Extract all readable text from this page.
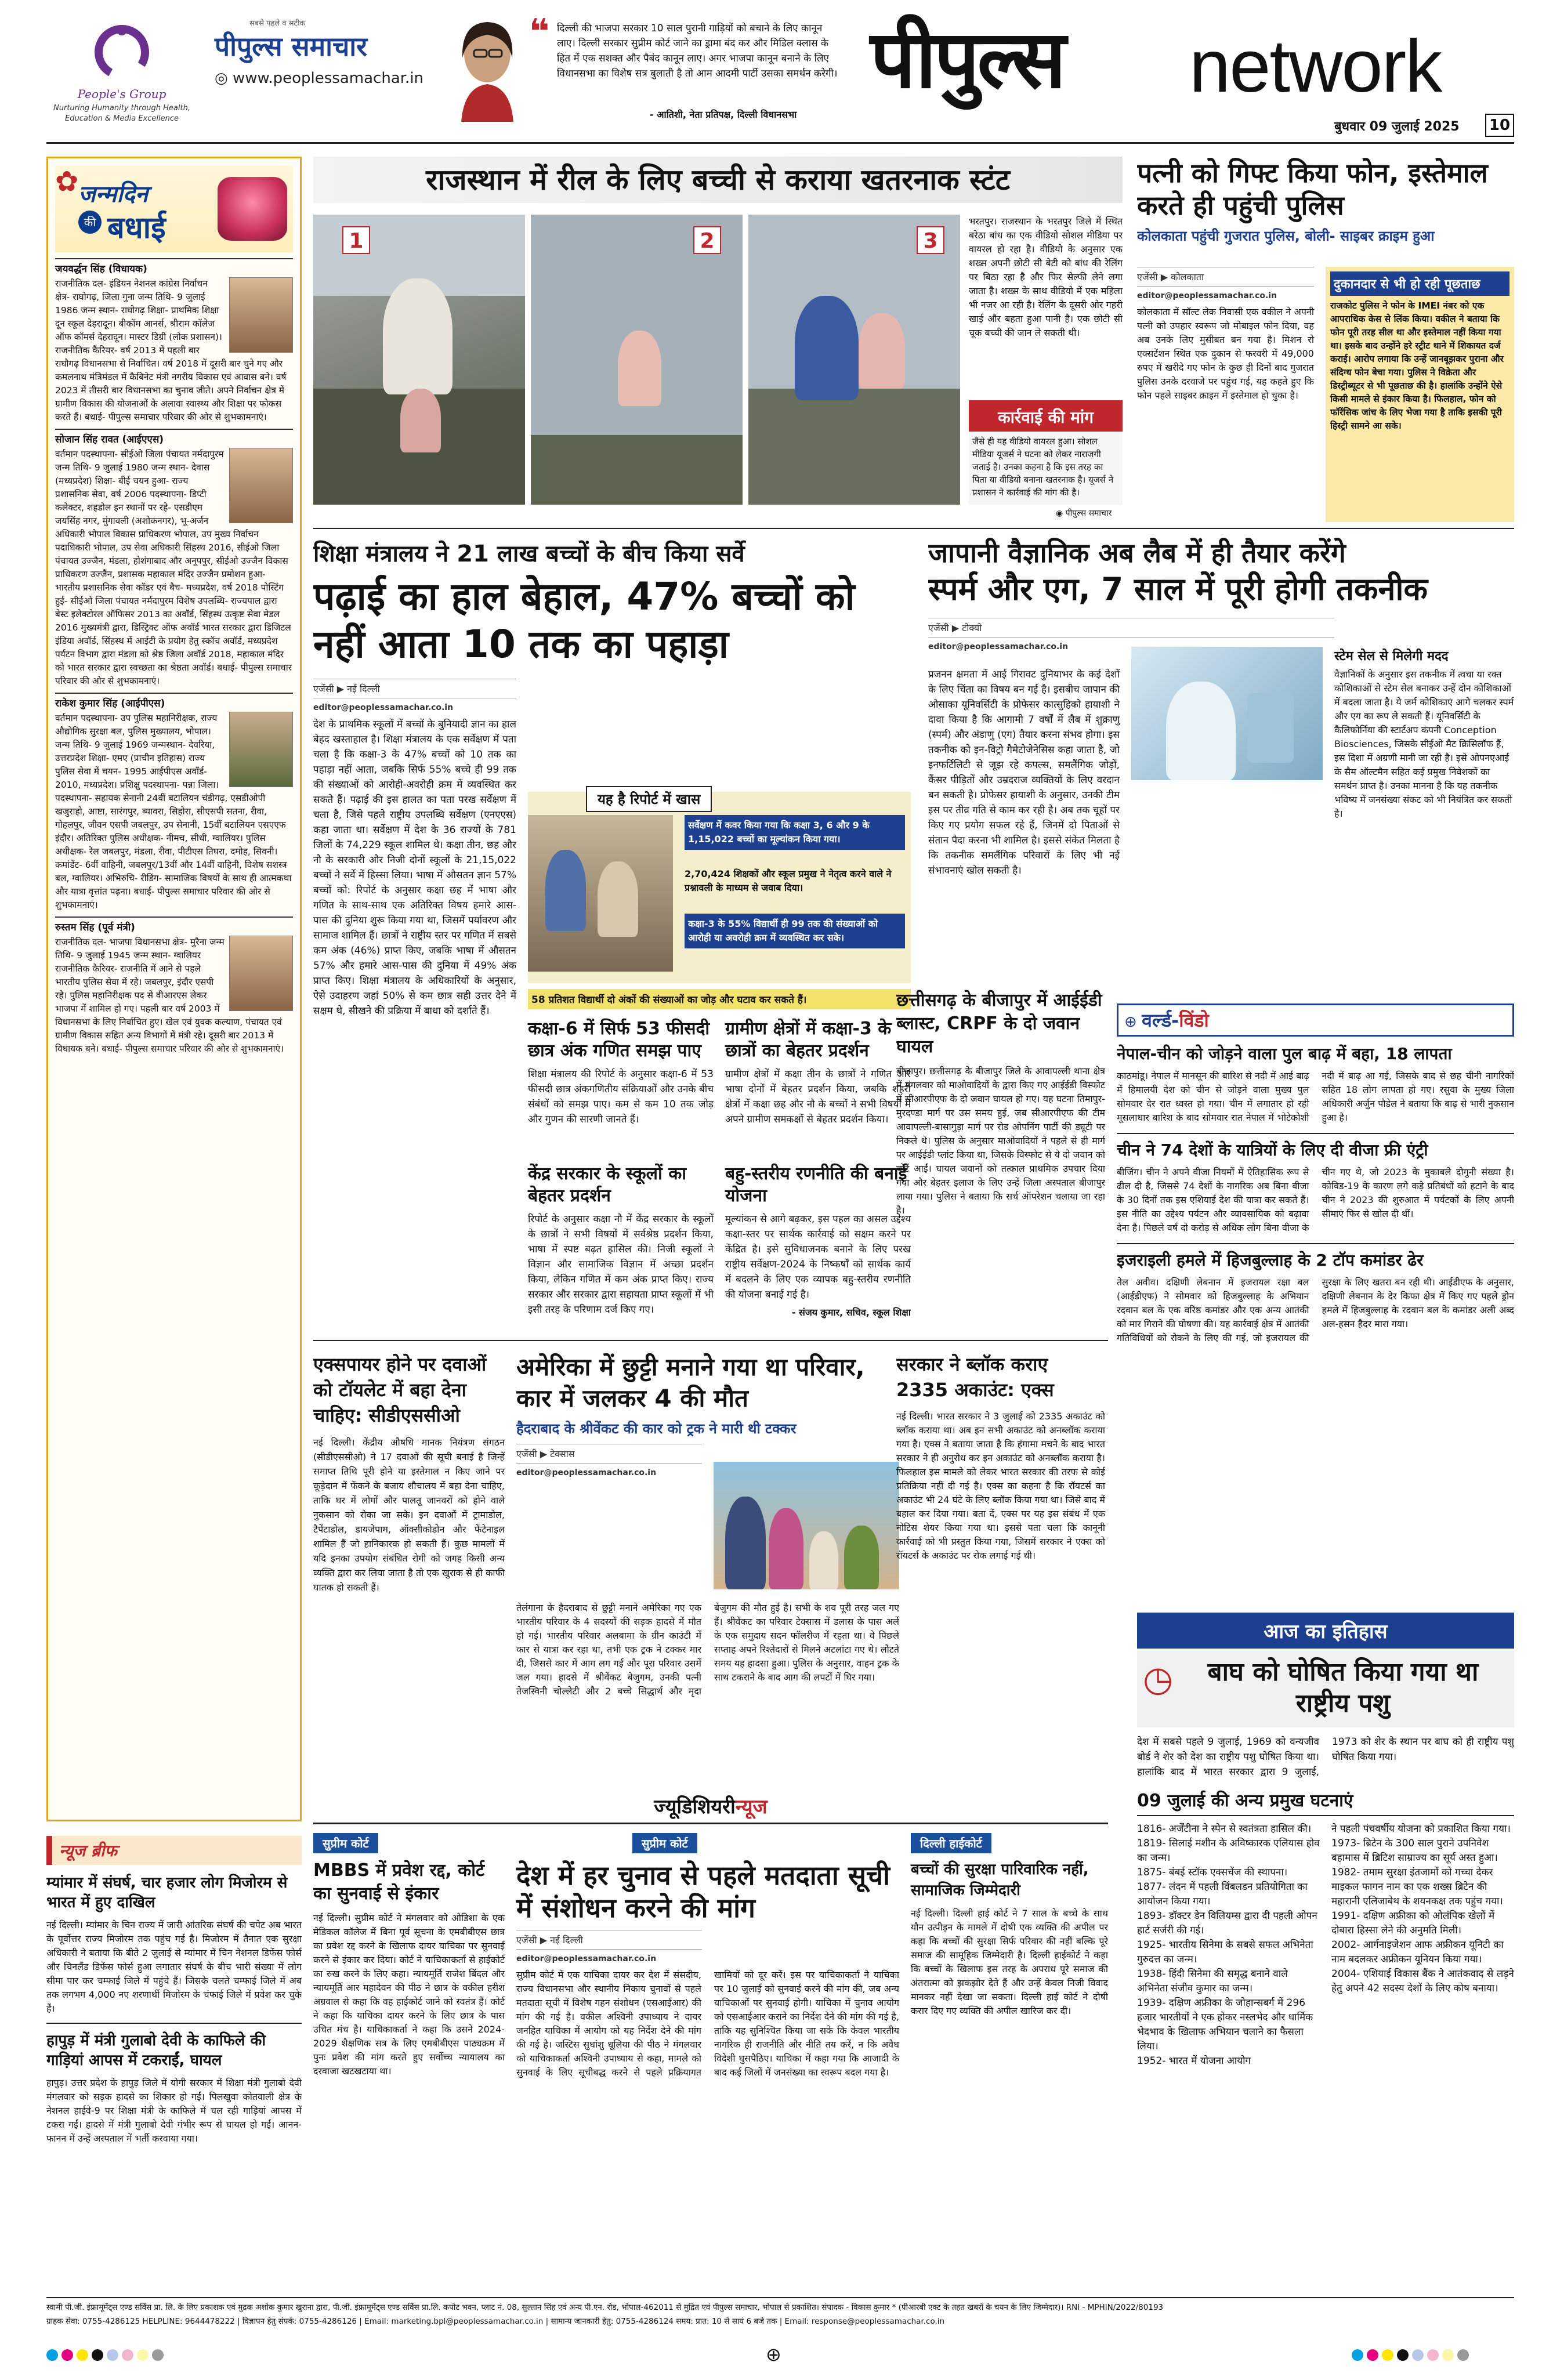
People's Group
Nurturing Humanity through Health, Education & Media Excellence
सबसे पहले व सटीक
पीपुल्स समाचार
◎ www.peoplessamachar.in
❝ दिल्ली की भाजपा सरकार 10 साल पुरानी गाड़ियों को बचाने के लिए कानून लाए। दिल्ली सरकार सुप्रीम कोर्ट जाने का ड्रामा बंद कर और मिडिल क्लास के हित में एक सशक्त और पैबंद कानून लाए। अगर भाजपा कानून बनाने के लिए विधानसभा का विशेष सत्र बुलाती है तो आम आदमी पार्टी उसका समर्थन करेगी।
- आतिशी, नेता प्रतिपक्ष, दिल्ली विधानसभा
पीपुल्स network
बुधवार 09 जुलाई 2025 10
✿ जन्मदिन
की बधाई
जयवर्द्धन सिंह (विधायक)
राजनीतिक दल- इंडियन नेशनल कांग्रेस निर्वाचन क्षेत्र- राघोगढ़, जिला गुना जन्म तिथि- 9 जुलाई 1986 जन्म स्थान- राघोगढ़ शिक्षा- प्राथमिक शिक्षा दून स्कूल देहरादून। बीकॉम आनर्स, श्रीराम कॉलेज ऑफ कॉमर्स देहरादून। मास्टर डिग्री (लोक प्रशासन)। राजनीतिक कैरियर- वर्ष 2013 में पहली बार राघौगढ़ विधानसभा से निर्वाचित। वर्ष 2018 में दूसरी बार चुने गए और कमलनाथ मंत्रिमंडल में कैबिनेट मंत्री नगरीय विकास एवं आवास बने। वर्ष 2023 में तीसरी बार विधानसभा का चुनाव जीते। अपने निर्वाचन क्षेत्र में ग्रामीण विकास की योजनाओं के अलावा स्वास्थ्य और शिक्षा पर फोकस करते हैं। बधाई- पीपुल्स समाचार परिवार की ओर से शुभकामनाएं।
सोजान सिंह रावत (आईएएस)
वर्तमान पदस्थापना- सीईओ जिला पंचायत नर्मदापुरम जन्म तिथि- 9 जुलाई 1980 जन्म स्थान- देवास (मध्यप्रदेश) शिक्षा- बीई चयन हुआ- राज्य प्रशासनिक सेवा, वर्ष 2006 पदस्थापना- डिप्टी कलेक्टर, शहडोल इन स्थानों पर रहे- एसडीएम जयसिंह नगर, मुंगावली (अशोकनगर), भू-अर्जन अधिकारी भोपाल विकास प्राधिकरण भोपाल, उप मुख्य निर्वाचन पदाधिकारी भोपाल, उप सेवा अधिकारी सिंहस्थ 2016, सीईओ जिला पंचायत उज्जैन, मंडला, होशंगाबाद और अनूपपुर, सीईओ उज्जैन विकास प्राधिकरण उज्जैन, प्रशासक महाकाल मंदिर उज्जैन प्रमोशन हुआ- भारतीय प्रशासनिक सेवा कॉडर एवं बैच- मध्यप्रदेश, वर्ष 2018 पोस्टिंग हुई- सीईओ जिला पंचायत नर्मदापुरम विशेष उपलब्धि- राज्यपाल द्वारा बेस्ट इलेक्टोरल ऑफिसर 2013 का अवॉर्ड, सिंहस्थ उत्कृष्ट सेवा मेडल 2016 मुख्यमंत्री द्वारा, डिस्ट्रिक्ट ऑफ अवॉर्ड भारत सरकार द्वारा डिजिटल इंडिया अवॉर्ड, सिंहस्थ में आईटी के प्रयोग हेतु स्कॉच अवॉर्ड, मध्यप्रदेश पर्यटन विभाग द्वारा मंडला को श्रेष्ठ जिला अवॉर्ड 2018, महाकाल मंदिर को भारत सरकार द्वारा स्वच्छता का श्रेष्ठता अवॉर्ड। बधाई- पीपुल्स समाचार परिवार की ओर से शुभकामनाएं।
राकेश कुमार सिंह (आईपीएस)
वर्तमान पदस्थापना- उप पुलिस महानिरीक्षक, राज्य औद्योगिक सुरक्षा बल, पुलिस मुख्यालय, भोपाल। जन्म तिथि- 9 जुलाई 1969 जन्मस्थान- देवरिया, उत्तरप्रदेश शिक्षा- एमए (प्राचीन इतिहास) राज्य पुलिस सेवा में चयन- 1995 आईपीएस अवॉर्ड- 2010, मध्यप्रदेश। प्रशिक्षु पदस्थापना- पन्ना जिला। पदस्थापना- सहायक सेनानी 24वीं बटालियन चंडीगढ़, एसडीओपी खजुराहो, आष्टा, सारंगपुर, ब्यावरा, सिहोरा, सीएसपी सतना, रीवा, गोहलपुर, जीवन एसपी जबलपुर, उप सेनानी, 15वीं बटालियन एसएएफ इंदौर। अतिरिक्त पुलिस अधीक्षक- नीमच, सीधी, ग्वालियर। पुलिस अधीक्षक- रेल जबलपुर, मंडला, रीवा, पीटीएस तिघरा, दमोह, सिवनी। कमांडेंट- 6वीं वाहिनी, जबलपुर/13वीं और 14वीं वाहिनी, विशेष सशस्त्र बल, ग्वालियर। अभिरुचि- रीडिंग- सामाजिक विषयों के साथ ही आत्मकथा और यात्रा वृत्तांत पढ़ना। बधाई- पीपुल्स समाचार परिवार की ओर से शुभकामनाएं।
रुस्तम सिंह (पूर्व मंत्री)
राजनीतिक दल- भाजपा विधानसभा क्षेत्र- मुरैना जन्म तिथि- 9 जुलाई 1945 जन्म स्थान- ग्वालियर राजनीतिक कैरियर- राजनीति में आने से पहले भारतीय पुलिस सेवा में रहे। जबलपुर, इंदौर एसपी रहे। पुलिस महानिरीक्षक पद से वीआरएस लेकर भाजपा में शामिल हो गए। पहली बार वर्ष 2003 में विधानसभा के लिए निर्वाचित हुए। खेल एवं युवक कल्याण, पंचायत एवं ग्रामीण विकास सहित अन्य विभागों में मंत्री रहे। दूसरी बार 2013 में विधायक बने। बधाई- पीपुल्स समाचार परिवार की ओर से शुभकामनाएं।
न्यूज ब्रीफ
म्यांमार में संघर्ष, चार हजार लोग मिजोरम से भारत में हुए दाखिल
नई दिल्ली। म्यांमार के चिन राज्य में जारी आंतरिक संघर्ष की चपेट अब भारत के पूर्वोत्तर राज्य मिजोरम तक पहुंच गई है। मिजोरम में तैनात एक सुरक्षा अधिकारी ने बताया कि बीते 2 जुलाई से म्यांमार में चिन नेशनल डिफेंस फोर्स और चिनलैंड डिफेंस फोर्स हुआ लगातार संघर्ष के बीच भारी संख्या में लोग सीमा पार कर चम्फाई जिले में पहुंचे हैं। जिसके चलते चम्फाई जिले में अब तक लगभग 4,000 नए शरणार्थी मिजोरम के चंफाई जिले में प्रवेश कर चुके हैं।
हापुड़ में मंत्री गुलाबो देवी के काफिले की गाड़ियां आपस में टकराईं, घायल
हापुड़। उत्तर प्रदेश के हापुड़ जिले में योगी सरकार में शिक्षा मंत्री गुलाबो देवी मंगलवार को सड़क हादसे का शिकार हो गईं। पिलखुवा कोतवाली क्षेत्र के नेशनल हाईवे-9 पर शिक्षा मंत्री के काफिले में चल रही गाड़ियां आपस में टकरा गईं। हादसे में मंत्री गुलाबो देवी गंभीर रूप से घायल हो गईं। आनन-फानन में उन्हें अस्पताल में भर्ती करवाया गया।
राजस्थान में रील के लिए बच्ची से कराया खतरनाक स्टंट
1	2	3
भरतपुर। राजस्थान के भरतपुर जिले में स्थित बरेठा बांध का एक वीडियो सोशल मीडिया पर वायरल हो रहा है। वीडियो के अनुसार एक शख्स अपनी छोटी सी बेटी को बांध की रेलिंग पर बिठा रहा है और फिर सेल्फी लेने लगा जाता है। शख्स के साथ वीडियो में एक महिला भी नजर आ रही है। रेलिंग के दूसरी ओर गहरी खाई और बहता हुआ पानी है। एक छोटी सी चूक बच्ची की जान ले सकती थी।
कार्रवाई की मांग
जैसे ही यह वीडियो वायरल हुआ। सोशल मीडिया यूजर्स ने घटना को लेकर नाराजगी जताई है। उनका कहना है कि इस तरह का पिता या वीडियो बनाना खतरनाक है। यूजर्स ने प्रशासन ने कार्रवाई की मांग की है।
◉ पीपुल्स समाचार
पत्नी को गिफ्ट किया फोन, इस्तेमाल करते ही पहुंची पुलिस
कोलकाता पहुंची गुजरात पुलिस, बोली- साइबर क्राइम हुआ
एजेंसी ▶ कोलकाता
editor@peoplessamachar.co.in
कोलकाता में सॉल्ट लेक निवासी एक वकील ने अपनी पत्नी को उपहार स्वरूप जो मोबाइल फोन दिया, वह अब उनके लिए मुसीबत बन गया है। मिशन रो एक्सटेंशन स्थित एक दुकान से फरवरी में 49,000 रुपए में खरीदे गए फोन के कुछ ही दिनों बाद गुजरात पुलिस उनके दरवाजे पर पहुंच गई, यह कहते हुए कि फोन पहले साइबर क्राइम में इस्तेमाल हो चुका है।
दुकानदार से भी हो रही पूछताछ
राजकोट पुलिस ने फोन के IMEI नंबर को एक आपराधिक केस से लिंक किया। वकील ने बताया कि फोन पूरी तरह सील था और इस्तेमाल नहीं किया गया था। इसके बाद उन्होंने हरे स्ट्रीट थाने में शिकायत दर्ज कराई। आरोप लगाया कि उन्हें जानबूझकर पुराना और संदिग्ध फोन बेचा गया। पुलिस ने विक्रेता और डिस्ट्रीब्यूटर से भी पूछताछ की है। हालांकि उन्होंने ऐसे किसी मामले से इंकार किया है। फिलहाल, फोन को फॉरेंसिक जांच के लिए भेजा गया है ताकि इसकी पूरी हिस्ट्री सामने आ सके।
शिक्षा मंत्रालय ने 21 लाख बच्चों के बीच किया सर्वे
पढ़ाई का हाल बेहाल, 47% बच्चों को नहीं आता 10 तक का पहाड़ा
एजेंसी ▶ नई दिल्ली
editor@peoplessamachar.co.in
देश के प्राथमिक स्कूलों में बच्चों के बुनियादी ज्ञान का हाल बेहद खस्ताहाल है। शिक्षा मंत्रालय के एक सर्वेक्षण में पता चला है कि कक्षा-3 के 47% बच्चों को 10 तक का पहाड़ा नहीं आता, जबकि सिर्फ 55% बच्चे ही 99 तक की संख्याओं को आरोही-अवरोही क्रम में व्यवस्थित कर सकते हैं। पढ़ाई की इस हालत का पता परख सर्वेक्षण में चला है, जिसे पहले राष्ट्रीय उपलब्धि सर्वेक्षण (एनएएस) कहा जाता था। सर्वेक्षण में देश के 36 राज्यों के 781 जिलों के 74,229 स्कूल शामिल थे। कक्षा तीन, छह और नौ के सरकारी और निजी दोनों स्कूलों के 21,15,022 बच्चों ने सर्वे में हिस्सा लिया। भाषा में औसतन ज्ञान 57% बच्चों को: रिपोर्ट के अनुसार कक्षा छह में भाषा और गणित के साथ-साथ एक अतिरिक्त विषय हमारे आस-पास की दुनिया शुरू किया गया था, जिसमें पर्यावरण और सामाज शामिल हैं। छात्रों ने राष्ट्रीय स्तर पर गणित में सबसे कम अंक (46%) प्राप्त किए, जबकि भाषा में औसतन 57% और हमारे आस-पास की दुनिया में 49% अंक प्राप्त किए। शिक्षा मंत्रालय के अधिकारियों के अनुसार, ऐसे उदाहरण जहां 50% से कम छात्र सही उत्तर देने में सक्षम थे, सीखने की प्रक्रिया में बाधा को दर्शाते हैं।
यह है रिपोर्ट में खास
सर्वेक्षण में कवर किया गया कि कक्षा 3, 6 और 9 के 1,15,022 बच्चों का मूल्यांकन किया गया।
2,70,424 शिक्षकों और स्कूल प्रमुख ने नेतृत्व करने वाले ने प्रश्नावली के माध्यम से जवाब दिया।
कक्षा-3 के 55% विद्यार्थी ही 99 तक की संख्याओं को आरोही या अवरोही क्रम में व्यवस्थित कर सके।
58 प्रतिशत विद्यार्थी दो अंकों की संख्याओं का जोड़ और घटाव कर सकते हैं।
कक्षा-6 में सिर्फ 53 फीसदी छात्र अंक गणित समझ पाए
शिक्षा मंत्रालय की रिपोर्ट के अनुसार कक्षा-6 में 53 फीसदी छात्र अंकगणितीय संक्रियाओं और उनके बीच संबंधों को समझ पाए। कम से कम 10 तक जोड़ और गुणन की सारणी जानते हैं।
ग्रामीण क्षेत्रों में कक्षा-3 के छात्रों का बेहतर प्रदर्शन
ग्रामीण क्षेत्रों में कक्षा तीन के छात्रों ने गणित और भाषा दोनों में बेहतर प्रदर्शन किया, जबकि शहरी क्षेत्रों में कक्षा छह और नौ के बच्चों ने सभी विषयों में अपने ग्रामीण समकक्षों से बेहतर प्रदर्शन किया।
केंद्र सरकार के स्कूलों का बेहतर प्रदर्शन
रिपोर्ट के अनुसार कक्षा नौ में केंद्र सरकार के स्कूलों के छात्रों ने सभी विषयों में सर्वश्रेष्ठ प्रदर्शन किया, भाषा में स्पष्ट बढ़त हासिल की। निजी स्कूलों ने विज्ञान और सामाजिक विज्ञान में अच्छा प्रदर्शन किया, लेकिन गणित में कम अंक प्राप्त किए। राज्य सरकार और सरकार द्वारा सहायता प्राप्त स्कूलों में भी इसी तरह के परिणाम दर्ज किए गए।
बहु-स्तरीय रणनीति की बनाई योजना
मूल्यांकन से आगे बढ़कर, इस पहल का असल उद्देश्य कक्षा-स्तर पर सार्थक कार्रवाई को सक्षम करने पर केंद्रित है। इसे सुविधाजनक बनाने के लिए परख राष्ट्रीय सर्वेक्षण-2024 के निष्कर्षों को सार्थक कार्य में बदलने के लिए एक व्यापक बहु-स्तरीय रणनीति की योजना बनाई गई है।
- संजय कुमार, सचिव, स्कूल शिक्षा
जापानी वैज्ञानिक अब लैब में ही तैयार करेंगे
स्पर्म और एग, 7 साल में पूरी होगी तकनीक
एजेंसी ▶ टोक्यो
editor@peoplessamachar.co.in
प्रजनन क्षमता में आई गिरावट दुनियाभर के कई देशों के लिए चिंता का विषय बन गई है। इसबीच जापान की ओसाका यूनिवर्सिटी के प्रोफेसर कात्सुहिको हायाशी ने दावा किया है कि आगामी 7 वर्षों में लैब में शुक्राणु (स्पर्म) और अंडाणु (एग) तैयार करना संभव होगा। इस तकनीक को इन-विट्रो गैमेटोजेनेसिस कहा जाता है, जो इनफर्टिलिटी से जूझ रहे कपल्स, समलैंगिक जोड़ों, कैंसर पीड़ितों और उम्रदराज व्यक्तियों के लिए वरदान बन सकती है। प्रोफेसर हायाशी के अनुसार, उनकी टीम इस पर तीव्र गति से काम कर रही है। अब तक चूहों पर किए गए प्रयोग सफल रहे हैं, जिनमें दो पिताओं से संतान पैदा करना भी शामिल है। इससे संकेत मिलता है कि तकनीक समलैंगिक परिवारों के लिए भी नई संभावनाएं खोल सकती है।
स्टेम सेल से मिलेगी मदद
वैज्ञानिकों के अनुसार इस तकनीक में त्वचा या रक्त कोशिकाओं से स्टेम सेल बनाकर उन्हें दोन कोशिकाओं में बदला जाता है। ये जर्म कोशिकाएं आगे चलकर स्पर्म और एग का रूप ले सकती हैं। यूनिवर्सिटी के कैलिफोर्निया की स्टार्टअप कंपनी Conception Biosciences, जिसके सीईओ मैट क्रिसिलॉफ हैं, इस दिशा में अग्रणी मानी जा रही है। इसे ओपनएआई के सैम ऑल्टमैन सहित कई प्रमुख निवेशकों का समर्थन प्राप्त है। उनका मानना है कि यह तकनीक भविष्य में जनसंख्या संकट को भी नियंत्रित कर सकती है।
छत्तीसगढ़ के बीजापुर में आईईडी ब्लास्ट, CRPF के दो जवान घायल
बीजापुर। छत्तीसगढ़ के बीजापुर जिले के आवापल्ली थाना क्षेत्र में मंगलवार को माओवादियों के द्वारा किए गए आईईडी विस्फोट में सीआरपीएफ के दो जवान घायल हो गए। यह घटना तिमापुर-मुरदण्डा मार्ग पर उस समय हुई, जब सीआरपीएफ की टीम आवापल्ली-बासागुड़ा मार्ग पर रोड ओपनिंग पार्टी की ड्यूटी पर निकले थे। पुलिस के अनुसार माओवादियों ने पहले से ही मार्ग पर आईईडी प्लांट किया था, जिसके विस्फोट से ये दो जवान को चोटें आईं। घायल जवानों को तत्काल प्राथमिक उपचार दिया गया और बेहतर इलाज के लिए उन्हें जिला अस्पताल बीजापुर लाया गया। पुलिस ने बताया कि सर्च ऑपरेशन चलाया जा रहा है।
⊕ वर्ल्ड-विंडो
नेपाल-चीन को जोड़ने वाला पुल बाढ़ में बहा, 18 लापता
काठमांडू। नेपाल में मानसून की बारिश से नदी में आई बाढ़ में हिमालयी देश को चीन से जोड़ने वाला मुख्य पुल सोमवार देर रात ध्वस्त हो गया। चीन में लगातार हो रही मूसलाधार बारिश के बाद सोमवार रात नेपाल में भोटेकोशी नदी में बाढ़ आ गई, जिसके बाद से छह चीनी नागरिकों सहित 18 लोग लापता हो गए। रसुवा के मुख्य जिला अधिकारी अर्जुन पौडेल ने बताया कि बाढ़ से भारी नुकसान हुआ है।
चीन ने 74 देशों के यात्रियों के लिए दी वीजा फ्री एंट्री
बीजिंग। चीन ने अपने वीजा नियमों में ऐतिहासिक रूप से ढील दी है, जिससे 74 देशों के नागरिक अब बिना वीजा के 30 दिनों तक इस एशियाई देश की यात्रा कर सकते हैं। इस नीति का उद्देश्य पर्यटन और व्यावसायिक को बढ़ावा देना है। पिछले वर्ष दो करोड़ से अधिक लोग बिना वीजा के चीन गए थे, जो 2023 के मुकाबले दोगुनी संख्या है। कोविड-19 के कारण लगे कड़े प्रतिबंधों को हटाने के बाद चीन ने 2023 की शुरुआत में पर्यटकों के लिए अपनी सीमाएं फिर से खोल दी थीं।
इजराइली हमले में हिजबुल्लाह के 2 टॉप कमांडर ढेर
तेल अवीव। दक्षिणी लेबनान में इजरायल रक्षा बल (आईडीएफ) ने सोमवार को हिजबुल्लाह के अभियान रदवान बल के एक वरिष्ठ कमांडर और एक अन्य आतंकी को मार गिराने की घोषणा की। यह कार्रवाई क्षेत्र में आतंकी गतिविधियों को रोकने के लिए की गई, जो इजरायल की सुरक्षा के लिए खतरा बन रही थी। आईडीएफ के अनुसार, दक्षिणी लेबनान के देर किफा क्षेत्र में किए गए पहले ड्रोन हमले में हिजबुल्लाह के रदवान बल के कमांडर अली अब्द अल-हसन हैदर मारा गया।
एक्सपायर होने पर दवाओं को टॉयलेट में बहा देना चाहिए: सीडीएससीओ
नई दिल्ली। केंद्रीय औषधि मानक नियंत्रण संगठन (सीडीएससीओ) ने 17 दवाओं की सूची बनाई है जिन्हें समाप्त तिथि पूरी होने या इस्तेमाल न किए जाने पर कूड़ेदान में फेंकने के बजाय शौचालय में बहा देना चाहिए, ताकि घर में लोगों और पालतू जानवरों को होने वाले नुकसान को रोका जा सके। इन दवाओं में ट्रामाडोल, टैपेंटाडोल, डायजेपाम, ऑक्सीकोडोन और फेंटेनाइल शामिल हैं जो हानिकारक हो सकती हैं। कुछ मामलों में यदि इनका उपयोग संबंधित रोगी को जगह किसी अन्य व्यक्ति द्वारा कर लिया जाता है तो एक खुराक से ही काफी घातक हो सकती हैं।
अमेरिका में छुट्टी मनाने गया था परिवार, कार में जलकर 4 की मौत
हैदराबाद के श्रीवेंकट की कार को ट्रक ने मारी थी टक्कर
एजेंसी ▶ टेक्सास
editor@peoplessamachar.co.in
तेलंगाना के हैदराबाद से छुट्टी मनाने अमेरिका गए एक भारतीय परिवार के 4 सदस्यों की सड़क हादसे में मौत हो गई। भारतीय परिवार अलबामा के ग्रीन काउंटी में कार से यात्रा कर रहा था, तभी एक ट्रक ने टक्कर मार दी, जिससे कार में आग लग गई और पूरा परिवार उसमें जल गया। हादसे में श्रीवेंकट बेजुगम, उनकी पत्नी तेजस्विनी चोल्लेटी और 2 बच्चे सिद्धार्थ और मृदा बेजुगम की मौत हुई है। सभी के शव पूरी तरह जल गए हैं। श्रीवेंकट का परिवार टेक्सास में डलास के पास अर्ले के एक समुदाय सदन फॉलरीज में रहता था। वे पिछले सप्ताह अपने रिश्तेदारों से मिलने अटलांटा गए थे। लौटते समय यह हादसा हुआ। पुलिस के अनुसार, वाहन ट्रक के साथ टकराने के बाद आग की लपटों में घिर गया।
सरकार ने ब्लॉक कराए 2335 अकाउंट: एक्स
नई दिल्ली। भारत सरकार ने 3 जुलाई को 2335 अकाउंट को ब्लॉक कराया था। अब इन सभी अकाउंट को अनब्लॉक कराया गया है। एक्स ने बताया जाता है कि हंगामा मचने के बाद भारत सरकार ने ही अनुरोध कर इन अकाउंट को अनब्लॉक कराया है। फिलहाल इस मामले को लेकर भारत सरकार की तरफ से कोई प्रतिक्रिया नहीं दी गई है। एक्स का कहना है कि रॉयटर्स का अकाउंट भी 24 घंटे के लिए ब्लॉक किया गया था। जिसे बाद में बहाल कर दिया गया। बता दें, एक्स पर यह इस संबंध में एक नोटिस शेयर किया गया था। इससे पता चला कि कानूनी कार्रवाई को भी प्रस्तुत किया गया, जिसमें सरकार ने एक्स को रॉयटर्स के अकाउंट पर रोक लगाई गई थी।
आज का इतिहास
◷	बाघ को घोषित किया गया था राष्ट्रीय पशु
देश में सबसे पहले 9 जुलाई, 1969 को वन्यजीव बोर्ड ने शेर को देश का राष्ट्रीय पशु घोषित किया था। हालांकि बाद में भारत सरकार द्वारा 9 जुलाई, 1973 को शेर के स्थान पर बाघ को ही राष्ट्रीय पशु घोषित किया गया।
09 जुलाई की अन्य प्रमुख घटनाएं
1816- अर्जेंटीना ने स्पेन से स्वतंत्रता हासिल की।
1819- सिलाई मशीन के अविष्कारक एलियास होव का जन्म।
1875- बंबई स्टॉक एक्सचेंज की स्थापना।
1877- लंदन में पहली विंबलडन प्रतियोगिता का आयोजन किया गया।
1893- डॉक्टर डेन विलियम्स द्वारा दी पहली ओपन हार्ट सर्जरी की गई।
1925- भारतीय सिनेमा के सबसे सफल अभिनेता गुरुदत्त का जन्म।
1938- हिंदी सिनेमा की समृद्ध बनाने वाले अभिनेता संजीव कुमार का जन्म।
1939- दक्षिण अफ्रीका के जोहान्सबर्ग में 296 हजार भारतीयों ने एक होकर नस्लभेद और धार्मिक भेदभाव के खिलाफ अभियान चलाने का फैसला लिया।
1952- भारत में योजना आयोग
ने पहली पंचवर्षीय योजना को प्रकाशित किया गया।
1973- ब्रिटेन के 300 साल पुराने उपनिवेश बहामास में ब्रिटिश साम्राज्य का सूर्य अस्त हुआ।
1982- तमाम सुरक्षा इंतजामों को गच्चा देकर माइकल फागन नाम का एक शख्स ब्रिटेन की महारानी एलिजाबेथ के शयनकक्ष तक पहुंच गया।
1991- दक्षिण अफ्रीका को ओलंपिक खेलों में दोबारा हिस्सा लेने की अनुमति मिली।
2002- आर्गनाइजेशन आफ अफ्रीकन यूनिटी का नाम बदलकर अफ्रीकन यूनियन किया गया।
2004- एशियाई विकास बैंक ने आतंकवाद से लड़ने हेतु अपने 42 सदस्य देशों के लिए कोष बनाया।
ज्यूडिशियरीन्यूज
सुप्रीम कोर्ट
MBBS में प्रवेश रद्द, कोर्ट का सुनवाई से इंकार
नई दिल्ली। सुप्रीम कोर्ट ने मंगलवार को ओडिशा के एक मेडिकल कॉलेज में बिना पूर्व सूचना के एमबीबीएस छात्र का प्रवेश रद्द करने के खिलाफ दायर याचिका पर सुनवाई करने से इंकार कर दिया। कोर्ट ने याचिकाकर्ता से हाईकोर्ट का रुख करने के लिए कहा। न्यायमूर्ति राजेश बिंदल और न्यायमूर्ति आर महादेवन की पीठ ने छात्र के वकील हरीश अग्रवाल से कहा कि वह हाईकोर्ट जाने को स्वतंत्र हैं। कोर्ट ने कहा कि याचिका दायर करने के लिए छात्र के पास उचित मंच है। याचिकाकर्ता ने कहा कि उसने 2024-2029 शैक्षणिक सत्र के लिए एमबीबीएस पाठ्यक्रम में पुनः प्रवेश की मांग करते हुए सर्वोच्च न्यायालय का दरवाजा खटखटाया था।
सुप्रीम कोर्ट
देश में हर चुनाव से पहले मतदाता सूची में संशोधन करने की मांग
एजेंसी ▶ नई दिल्ली
editor@peoplessamachar.co.in
सुप्रीम कोर्ट में एक याचिका दायर कर देश में संसदीय, राज्य विधानसभा और स्थानीय निकाय चुनावों से पहले मतदाता सूची में विशेष गहन संशोधन (एसआईआर) की मांग की गई है। वकील अश्विनी उपाध्याय ने दायर जनहित याचिका में आयोग को यह निर्देश देने की मांग की गई है। जस्टिस सुधांशु धूलिया की पीठ ने मंगलवार को याचिकाकर्ता अश्विनी उपाध्याय से कहा, मामले को सुनवाई के लिए सूचीबद्ध करने से पहले प्रक्रियागत खामियों को दूर करें। इस पर याचिकाकर्ता ने याचिका पर 10 जुलाई को सुनवाई करने की मांग की, जब अन्य याचिकाओं पर सुनवाई होगी। याचिका में चुनाव आयोग को एसआईआर कराने का निर्देश देने की मांग की गई है, ताकि यह सुनिश्चित किया जा सके कि केवल भारतीय नागरिक ही राजनीति और नीति तय करें, न कि अवैध विदेशी घुसपैठिए। याचिका में कहा गया कि आजादी के बाद कई जिलों में जनसंख्या का स्वरूप बदल गया है।
दिल्ली हाईकोर्ट
बच्चों की सुरक्षा पारिवारिक नहीं, सामाजिक जिम्मेदारी
नई दिल्ली। दिल्ली हाई कोर्ट ने 7 साल के बच्चे के साथ यौन उत्पीड़न के मामले में दोषी एक व्यक्ति की अपील पर कहा कि बच्चों की सुरक्षा सिर्फ परिवार की नहीं बल्कि पूरे समाज की सामूहिक जिम्मेदारी है। दिल्ली हाईकोर्ट ने कहा कि बच्चों के खिलाफ इस तरह के अपराध पूरे समाज की अंतरात्मा को झकझोर देते हैं और उन्हें केवल निजी विवाद मानकर नहीं देखा जा सकता। दिल्ली हाई कोर्ट ने दोषी करार दिए गए व्यक्ति की अपील खारिज कर दी।
स्वामी पी.जी. इंफ्रामूमेंट्स एण्ड सर्विस प्रा. लि. के लिए प्रकाशक एवं मुद्रक अशोक कुमार खुराना द्वारा, पी.जी. इंफ्रामूमेंट्स एण्ड सर्विस प्रा.लि. कपोट भवन, प्लाट नं. 08, सुल्तान सिंह एवं अन्य पी.एन. रोड, भोपाल-462011 से मुद्रित एवं पीपुल्स समाचार, भोपाल से प्रकाशित। संपादक - विकास कुमार * (पीआरबी एक्ट के तहत खबरों के चयन के लिए जिम्मेदार)। RNI - MPHIN/2022/80193
ग्राहक सेवा: 0755-4286125 HELPLINE: 9644478222 | विज्ञापन हेतु संपर्क: 0755-4286126 | Email: marketing.bpl@peoplessamachar.co.in | सामान्य जानकारी हेतु: 0755-4286124 समय: प्रात: 10 से सायं 6 बजे तक | Email: response@peoplessamachar.co.in
⊕
